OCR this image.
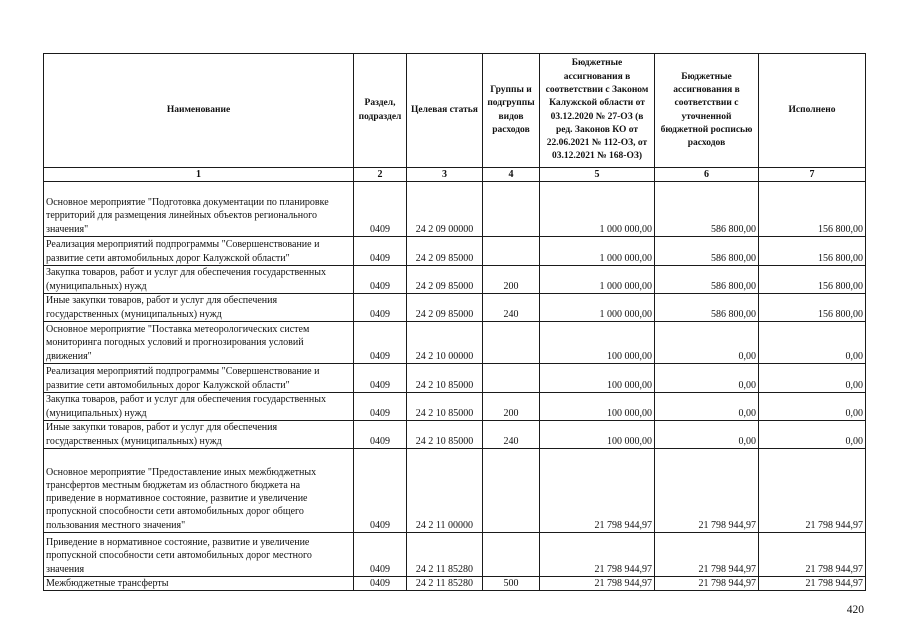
Наименование	Раздел, подраздел	Целевая статья	Группы и подгруппы видов расходов	Бюджетные ассигнования в соответствии с Законом Калужской области от 03.12.2020 № 27-ОЗ (в ред. Законов КО от 22.06.2021 № 112-ОЗ, от 03.12.2021 № 168-ОЗ)	Бюджетные ассигнования в соответствии с уточненной бюджетной росписью расходов	Исполнено
1	2	3	4	5	6	7
Основное мероприятие "Подготовка документации по планировке территорий для размещения линейных объектов регионального значения"	0409	24 2 09 00000		1 000 000,00	586 800,00	156 800,00
Реализация мероприятий подпрограммы "Совершенствование и развитие сети автомобильных дорог Калужской области"	0409	24 2 09 85000		1 000 000,00	586 800,00	156 800,00
Закупка товаров, работ и услуг для обеспечения государственных (муниципальных) нужд	0409	24 2 09 85000	200	1 000 000,00	586 800,00	156 800,00
Иные закупки товаров, работ и услуг для обеспечения государственных (муниципальных) нужд	0409	24 2 09 85000	240	1 000 000,00	586 800,00	156 800,00
Основное мероприятие "Поставка метеорологических систем мониторинга погодных условий и прогнозирования условий движения"	0409	24 2 10 00000		100 000,00	0,00	0,00
Реализация мероприятий подпрограммы "Совершенствование и развитие сети автомобильных дорог Калужской области"	0409	24 2 10 85000		100 000,00	0,00	0,00
Закупка товаров, работ и услуг для обеспечения государственных (муниципальных) нужд	0409	24 2 10 85000	200	100 000,00	0,00	0,00
Иные закупки товаров, работ и услуг для обеспечения государственных (муниципальных) нужд	0409	24 2 10 85000	240	100 000,00	0,00	0,00
Основное мероприятие "Предоставление иных межбюджетных трансфертов местным бюджетам из областного бюджета на приведение в нормативное состояние, развитие и увеличение пропускной способности сети автомобильных дорог общего пользования местного значения"	0409	24 2 11 00000		21 798 944,97	21 798 944,97	21 798 944,97
Приведение в нормативное состояние, развитие и увеличение пропускной способности сети автомобильных дорог местного значения	0409	24 2 11 85280		21 798 944,97	21 798 944,97	21 798 944,97
Межбюджетные трансферты	0409	24 2 11 85280	500	21 798 944,97	21 798 944,97	21 798 944,97
420
